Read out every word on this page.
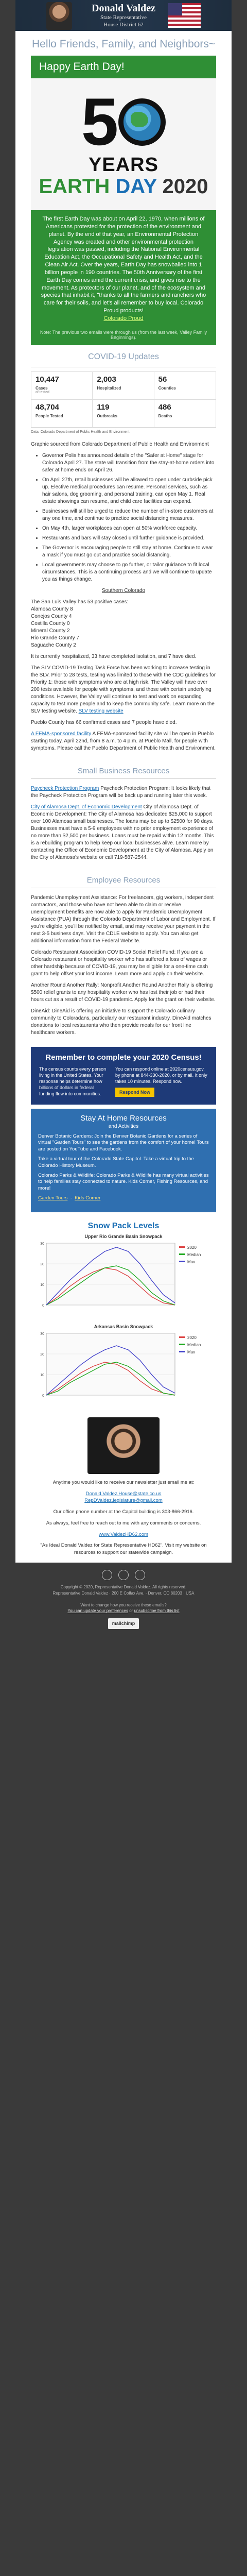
Donald Valdez
State Representative
House District 62
Hello Friends, Family, and Neighbors~
Happy Earth Day!
5
YEARS
EARTH DAY 2020
The first Earth Day was about on April 22, 1970, when millions of Americans protested for the protection of the environment and planet. By the end of that year, an Environmental Protection Agency was created and other environmental protection legislation was passed, including the National Environmental Education Act, the Occupational Safety and Health Act, and the Clean Air Act. Over the years, Earth Day has snowballed into 1 billion people in 190 countries. The 50th Anniversary of the first Earth Day comes amid the current crisis, and gives rise to the movement. As protectors of our planet, and of the ecosystem and species that inhabit it, "thanks to all the farmers and ranchers who care for their soils, and let's all remember to buy local. Colorado Proud products!
Colorado Proud
Note: The previous two emails were through us (from the last week, Valley Family Beginnings).
COVID-19 Updates
10,447
Cases
of tested
2,003
Hospitalized
56
Counties
48,704
People Tested
119
Outbreaks
486
Deaths
Data: Colorado Department of Public Health and Environment

Graphic sourced from Colorado Department of Public Health and Environment

• Governor Polis has announced details of the "Safer at Home" stage for Colorado April 27. The state will transition from the stay-at-home orders into safer at home ends on April 26.
• On April 27th, retail businesses will be allowed to open under curbside pick up. Elective medical procedures can resume. Personal services, such as hair salons, dog grooming, and personal training, can open May 1. Real estate showings can resume, and child care facilities can expand.
• Businesses will still be urged to reduce the number of in-store customers at any one time, and continue to practice social distancing measures.
• On May 4th, larger workplaces can open at 50% workforce capacity.
• Restaurants and bars will stay closed until further guidance is provided.
• The Governor is encouraging people to still stay at home. Continue to wear a mask if you must go out and practice social distancing.
• Local governments may choose to go further, or tailor guidance to fit local circumstances. This is a continuing process and we will continue to update you as things change.

Southern Colorado

The San Luis Valley has 53 positive cases:
Alamosa County 8
Conejos County 4
Costilla County 0
Mineral County 2
Rio Grande County 7
Saguache County 2

It is currently hospitalized, 33 have completed isolation, and 7 have died.

The SLV COVID-19 Testing Task Force has been working to increase testing in the SLV. Prior to 28 tests, testing was limited to those with the CDC guidelines for Priority 1: those with symptoms who are at high risk. The Valley will have over 200 tests available for people with symptoms, and those with certain underlying conditions. However, the Valley will continue to test and work on expanding capacity to test more people and to keep the community safe. Learn more on the SLV testing website. SLV testing website

Pueblo County has 66 confirmed cases and 7 people have died.

A FEMA-sponsored facility A FEMA-sponsored facility site will be open in Pueblo starting today, April 22nd, from 8 a.m. to 4 p.m. at Pueblo Mall, for people with symptoms. Please call the Pueblo Department of Public Health and Environment.

Small Business Resources

Paycheck Protection Program Paycheck Protection Program: It looks likely that the Paycheck Protection Program will be back up and running later this week.

City of Alamosa Dept. of Economic Development City of Alamosa Dept. of Economic Development: The City of Alamosa has dedicated $25,000 to support over 100 Alamosa small businesses. The loans may be up to $2500 for 90 days. Businesses must have a 5-9 employees with no prior employment experience of no more than $2,500 per business. Loans must be repaid within 12 months. This is a rebuilding program to help keep our local businesses alive. Learn more by contacting the Office of Economic Development at the City of Alamosa. Apply on the City of Alamosa's website or call 719-587-2544.

Employee Resources

Pandemic Unemployment Assistance: For freelancers, gig workers, independent contractors, and those who have not been able to claim or receive unemployment benefits are now able to apply for Pandemic Unemployment Assistance (PUA) through the Colorado Department of Labor and Employment. If you're eligible, you'll be notified by email, and may receive your payment in the next 3-5 business days. Visit the CDLE website to apply. You can also get additional information from the Federal Website.

Colorado Restaurant Association COVID-19 Social Relief Fund: If you are a Colorado restaurant or hospitality worker who has suffered a loss of wages or other hardship because of COVID-19, you may be eligible for a one-time cash grant to help offset your lost income. Learn more and apply on their website.

Another Round Another Rally: Nonprofit Another Round Another Rally is offering $500 relief grants to any hospitality worker who has lost their job or had their hours cut as a result of COVID-19 pandemic. Apply for the grant on their website.

DineAid: DineAid is offering an initiative to support the Colorado culinary community to Coloradans, particularly our restaurant industry. DineAid matches donations to local restaurants who then provide meals for our front line healthcare workers.

Remember to complete your 2020 Census!
The census counts every person living in the United States. Your response helps determine how billions of dollars in federal funding flow into communities.
You can respond online at 2020census.gov, by phone at 844-330-2020, or by mail. It only takes 10 minutes. Respond now.
Respond Now
Stay At Home Resources
and Activities

Denver Botanic Gardens: Join the Denver Botanic Gardens for a series of virtual "Garden Tours" to see the gardens from the comfort of your home! Tours are posted on YouTube and Facebook.

Take a virtual tour of the Colorado State Capitol. Take a virtual trip to the Colorado History Museum.

Colorado Parks & Wildlife: Colorado Parks & Wildlife has many virtual activities to help families stay connected to nature. Kids Corner, Fishing Resources, and more!

Garden Tours  ·  Kids Corner

Snow Pack Levels
Upper Rio Grande Basin Snowpack
0
10
20
30
2020
Median
Max
Arkansas Basin Snowpack
0
10
20
30
2020
Median
Max

Anytime you would like to receive our newsletter just email me at:

Donald.Valdez.House@state.co.us
RepDValdez.legislature@gmail.com

Our office phone number at the Capitol building is 303-866-2916.

As always, feel free to reach out to me with any comments or concerns.

www.ValdezHD62.com

"As Ideal Donald Valdez for State Representative HD62". Visit my website on resources to support our statewide campaign.

Copyright © 2020, Representative Donald Valdez, All rights reserved.
Representative Donald Valdez · 200 E Colfax Ave. · Denver, CO 80203 · USA

Want to change how you receive these emails?
You can update your preferences or unsubscribe from this list
mailchimp
